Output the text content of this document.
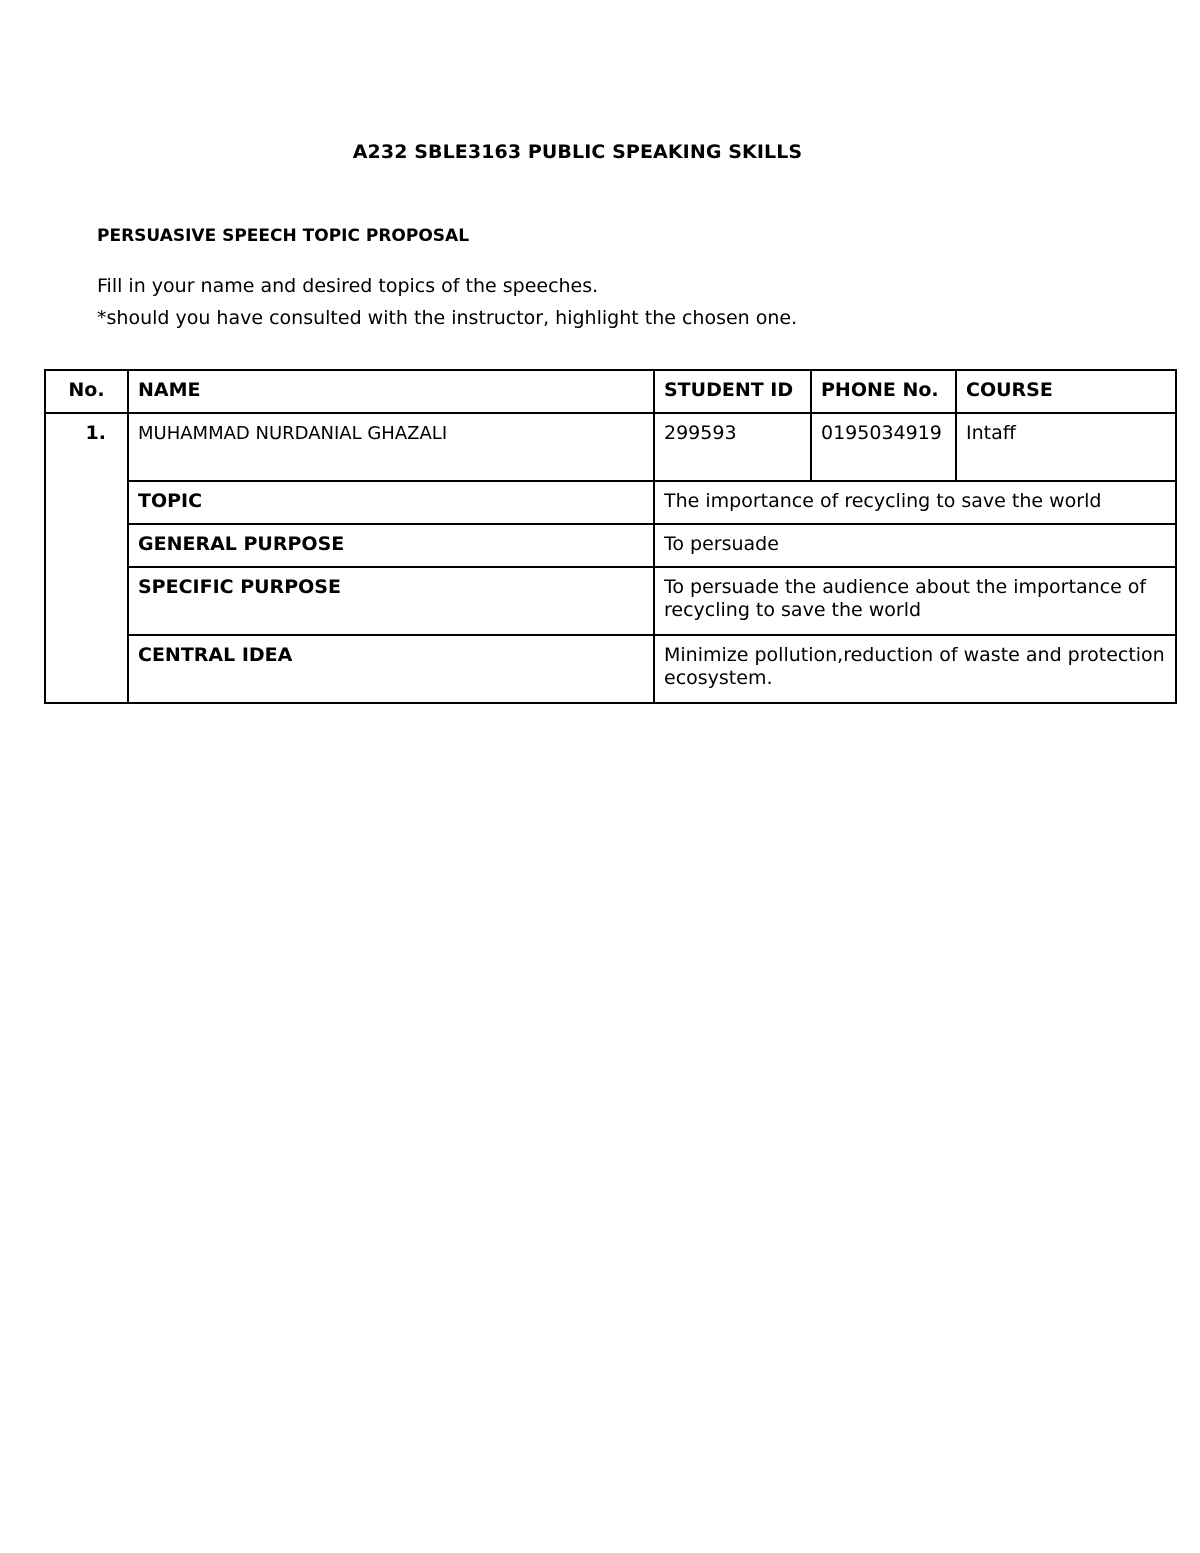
A232 SBLE3163 PUBLIC SPEAKING SKILLS
PERSUASIVE SPEECH TOPIC PROPOSAL
Fill in your name and desired topics of the speeches.
*should you have consulted with the instructor, highlight the chosen one.
No.	NAME	STUDENT ID	PHONE No.	COURSE
1.	MUHAMMAD NURDANIAL GHAZALI	299593	0195034919	Intaff
	TOPIC	The importance of recycling to save the world		
	GENERAL PURPOSE	To persuade		
	SPECIFIC PURPOSE	To persuade the audience about the importance of recycling to save the world		
	CENTRAL IDEA	Minimize pollution,reduction of waste and protection ecosystem.		
